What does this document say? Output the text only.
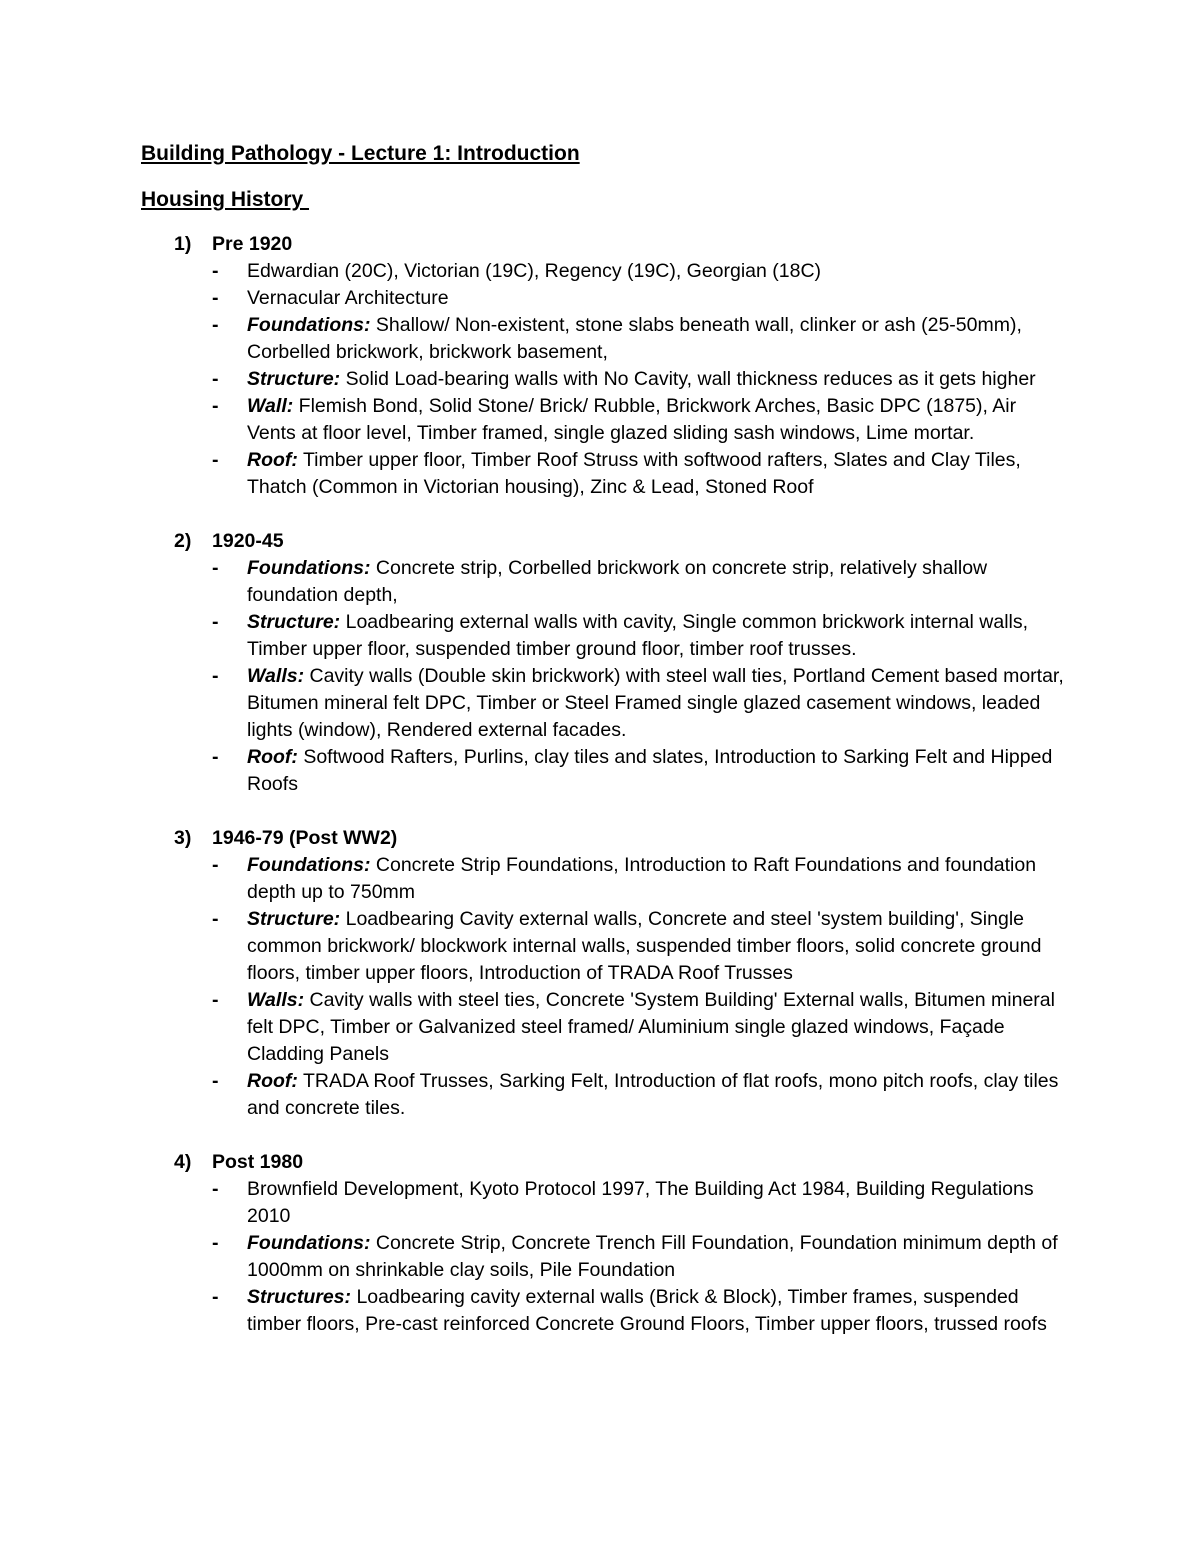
Building Pathology - Lecture 1: Introduction
Housing History
1)	Pre 1920
-	Edwardian (20C), Victorian (19C), Regency (19C), Georgian (18C)
-	Vernacular Architecture
-	Foundations: Shallow/ Non-existent, stone slabs beneath wall, clinker or ash (25-50mm), Corbelled brickwork, brickwork basement,
-	Structure: Solid Load-bearing walls with No Cavity, wall thickness reduces as it gets higher
-	Wall: Flemish Bond, Solid Stone/ Brick/ Rubble, Brickwork Arches, Basic DPC (1875), Air Vents at floor level, Timber framed, single glazed sliding sash windows, Lime mortar.
-	Roof: Timber upper floor, Timber Roof Struss with softwood rafters, Slates and Clay Tiles, Thatch (Common in Victorian housing), Zinc & Lead, Stoned Roof
2)	1920-45
-	Foundations: Concrete strip, Corbelled brickwork on concrete strip, relatively shallow foundation depth,
-	Structure: Loadbearing external walls with cavity, Single common brickwork internal walls, Timber upper floor, suspended timber ground floor, timber roof trusses.
-	Walls: Cavity walls (Double skin brickwork) with steel wall ties, Portland Cement based mortar, Bitumen mineral felt DPC, Timber or Steel Framed single glazed casement windows, leaded lights (window), Rendered external facades.
-	Roof: Softwood Rafters, Purlins, clay tiles and slates, Introduction to Sarking Felt and Hipped Roofs
3)	1946-79 (Post WW2)
-	Foundations: Concrete Strip Foundations, Introduction to Raft Foundations and foundation depth up to 750mm
-	Structure: Loadbearing Cavity external walls, Concrete and steel 'system building', Single common brickwork/ blockwork internal walls, suspended timber floors, solid concrete ground floors, timber upper floors, Introduction of TRADA Roof Trusses
-	Walls: Cavity walls with steel ties, Concrete 'System Building' External walls, Bitumen mineral felt DPC, Timber or Galvanized steel framed/ Aluminium single glazed windows, Façade Cladding Panels
-	Roof: TRADA Roof Trusses, Sarking Felt, Introduction of flat roofs, mono pitch roofs, clay tiles and concrete tiles.
4)	Post 1980
-	Brownfield Development, Kyoto Protocol 1997, The Building Act 1984, Building Regulations 2010
-	Foundations: Concrete Strip, Concrete Trench Fill Foundation, Foundation minimum depth of 1000mm on shrinkable clay soils, Pile Foundation
-	Structures: Loadbearing cavity external walls (Brick & Block), Timber frames, suspended timber floors, Pre-cast reinforced Concrete Ground Floors, Timber upper floors, trussed roofs
